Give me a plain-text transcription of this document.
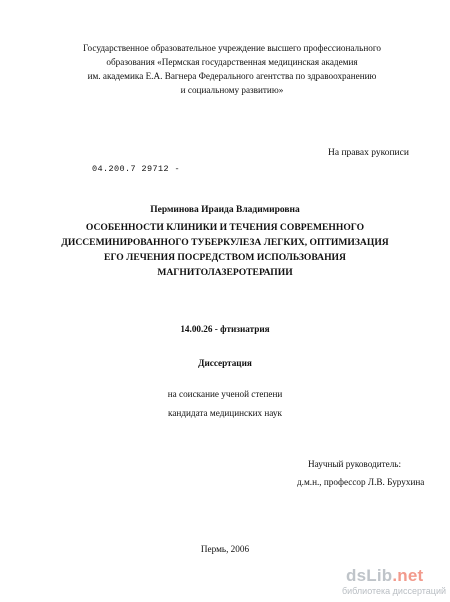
Государственное образовательное учреждение высшего профессионального
образования «Пермская государственная медицинская академия
им. академика Е.А. Вагнера Федерального агентства по здравоохранению
и социальному развитию»
На правах рукописи
04.200.7 29712 -
Перминова Ираида Владимировна
ОСОБЕННОСТИ КЛИНИКИ И ТЕЧЕНИЯ СОВРЕМЕННОГО
ДИССЕМИНИРОВАННОГО ТУБЕРКУЛЕЗА ЛЕГКИХ, ОПТИМИЗАЦИЯ
ЕГО ЛЕЧЕНИЯ ПОСРЕДСТВОМ ИСПОЛЬЗОВАНИЯ
МАГНИТОЛАЗЕРОТЕРАПИИ
14.00.26 - фтизиатрия
Диссертация
на соискание ученой степени
кандидата медицинских наук
Научный руководитель:
д.м.н., профессор Л.В. Бурухина
Пермь, 2006
dsLib.net
библиотека диссертаций
